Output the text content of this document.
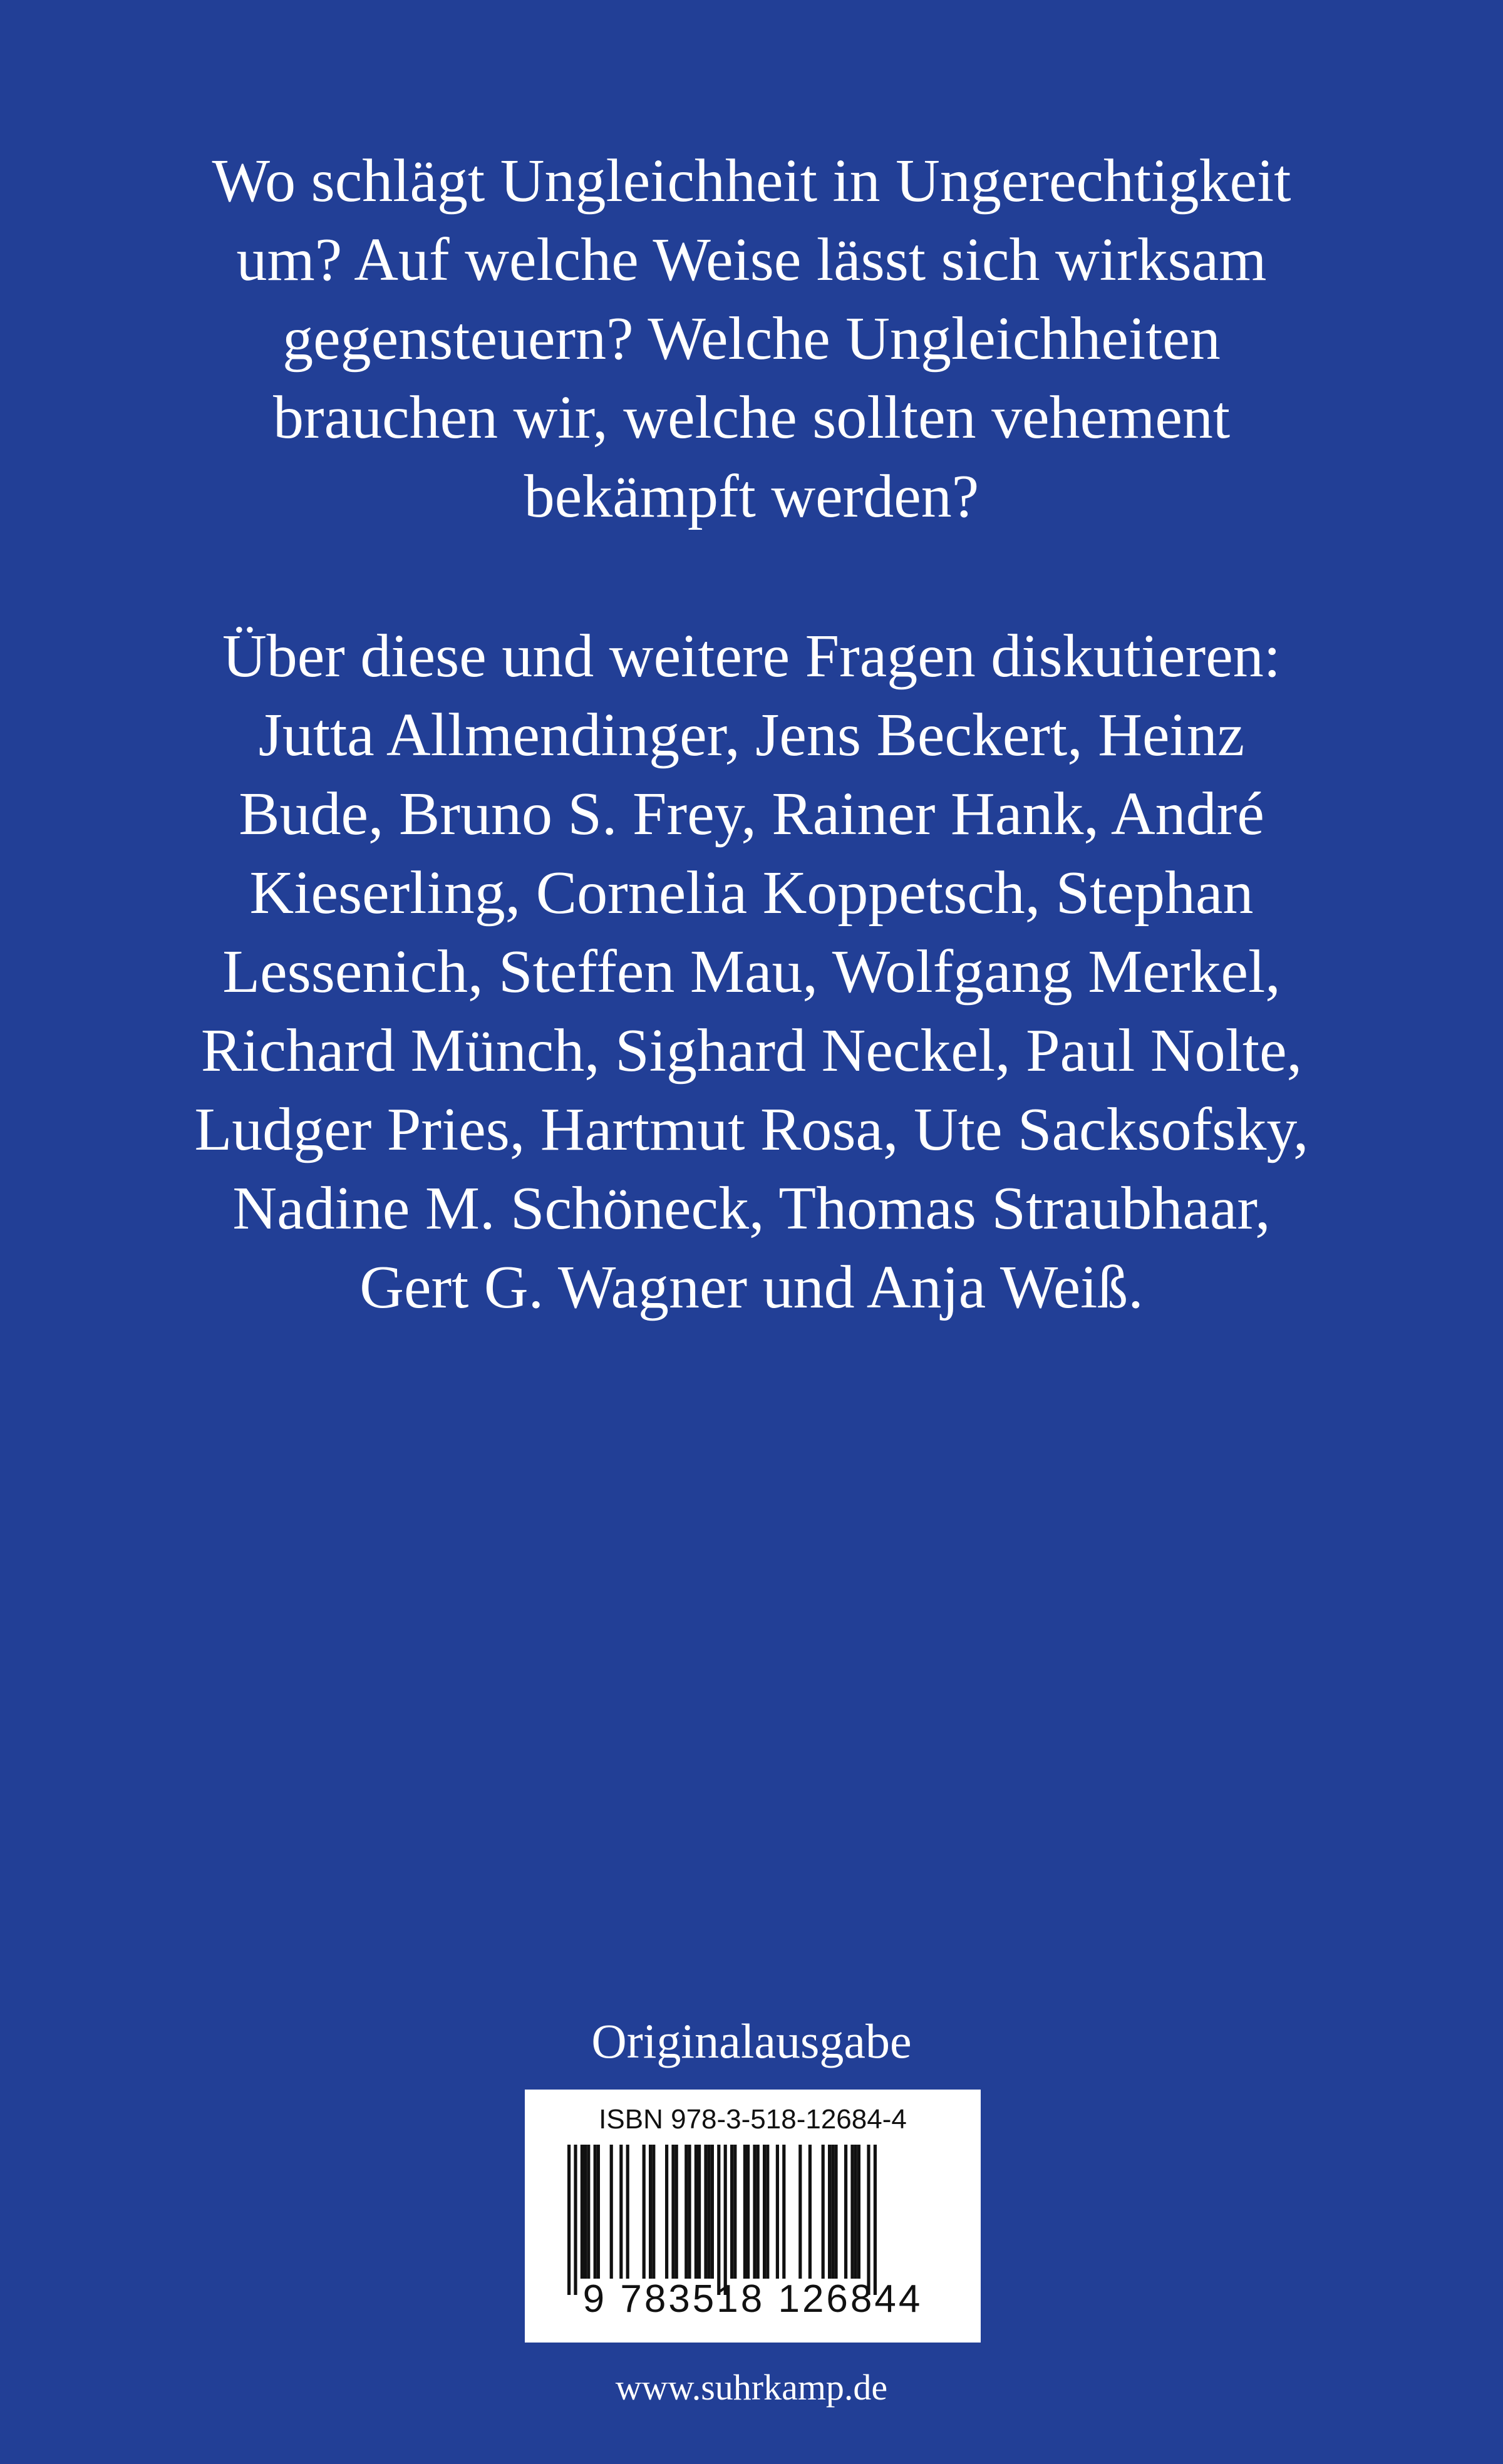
Wo schlägt Ungleichheit in Ungerechtigkeit
um? Auf welche Weise lässt sich wirksam
gegensteuern? Welche Ungleichheiten
brauchen wir, welche sollten vehement
bekämpft werden?
Über diese und weitere Fragen diskutieren:
Jutta Allmendinger, Jens Beckert, Heinz
Bude, Bruno S. Frey, Rainer Hank, André
Kieserling, Cornelia Koppetsch, Stephan
Lessenich, Steffen Mau, Wolfgang Merkel,
Richard Münch, Sighard Neckel, Paul Nolte,
Ludger Pries, Hartmut Rosa, Ute Sacksofsky,
Nadine M. Schöneck, Thomas Straubhaar,
Gert G. Wagner und Anja Weiß.
Originalausgabe
ISBN 978-3-518-12684-4
9 783518 126844
www.suhrkamp.de
